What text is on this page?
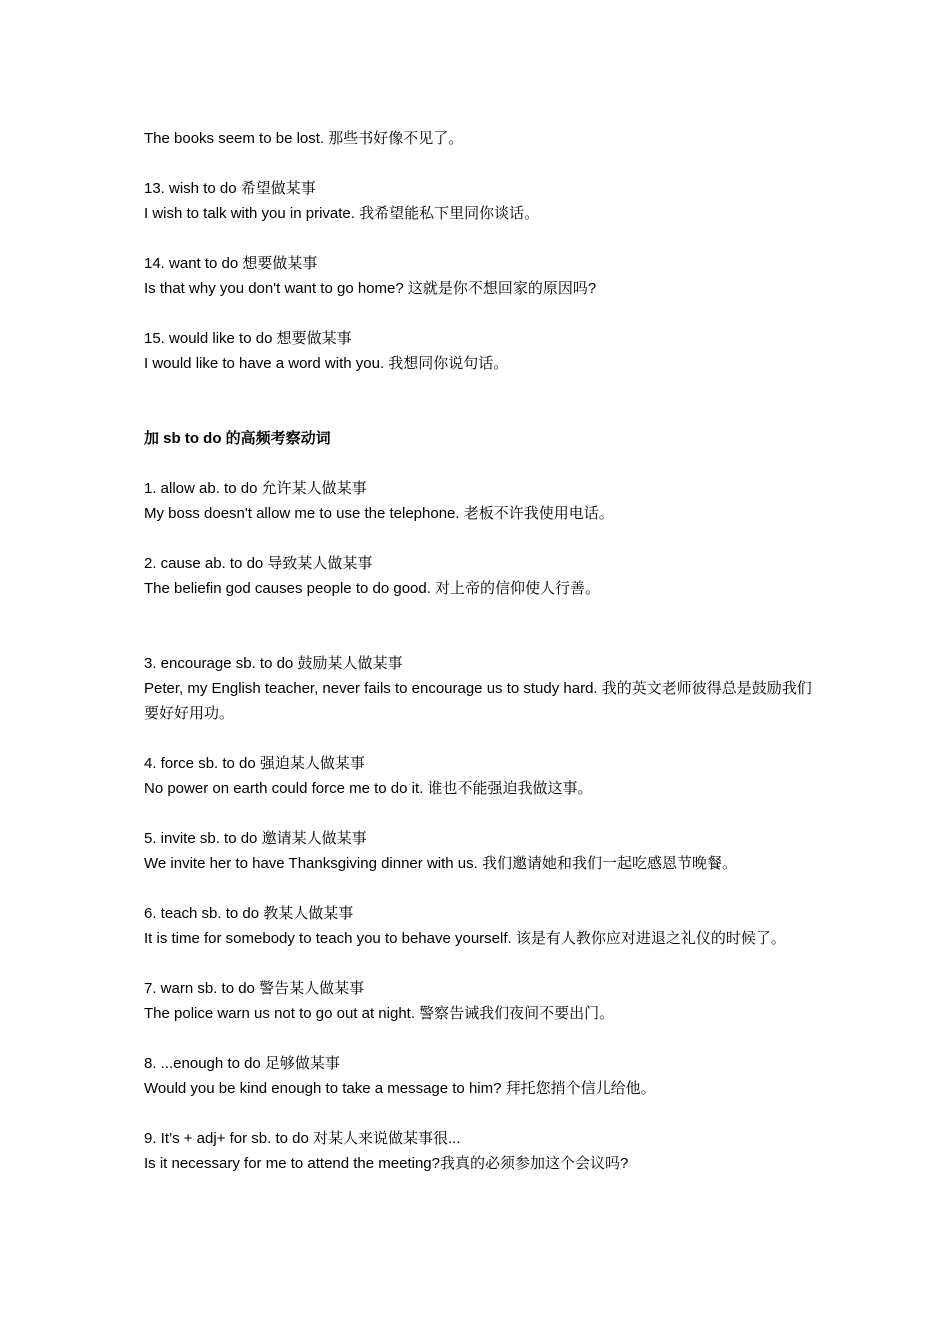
The books seem to be lost. 那些书好像不见了。

13. wish to do 希望做某事

I wish to talk with you in private. 我希望能私下里同你谈话。

14. want to do 想要做某事

Is that why you don't want to go home? 这就是你不想回家的原因吗?

15. would like to do 想要做某事

I would like to have a word with you. 我想同你说句话。

加 sb to do 的高频考察动词

1. allow ab. to do 允许某人做某事

My boss doesn't allow me to use the telephone. 老板不许我使用电话。

2. cause ab. to do 导致某人做某事

The beliefin god causes people to do good. 对上帝的信仰使人行善。

3. encourage sb. to do 鼓励某人做某事

Peter, my English teacher, never fails to encourage us to study hard. 我的英文老师彼得总是鼓励我们要好好用功。

4. force sb. to do 强迫某人做某事

No power on earth could force me to do it. 谁也不能强迫我做这事。

5. invite sb. to do 邀请某人做某事

We invite her to have Thanksgiving dinner with us. 我们邀请她和我们一起吃感恩节晚餐。

6. teach sb. to do 教某人做某事

It is time for somebody to teach you to behave yourself. 该是有人教你应对进退之礼仪的时候了。

7. warn sb. to do 警告某人做某事

The police warn us not to go out at night. 警察告诫我们夜间不要出门。

8. ...enough to do 足够做某事

Would you be kind enough to take a message to him? 拜托您捎个信儿给他。

9. It’s + adj+ for sb. to do 对某人来说做某事很...

Is it necessary for me to attend the meeting?我真的必须参加这个会议吗?
